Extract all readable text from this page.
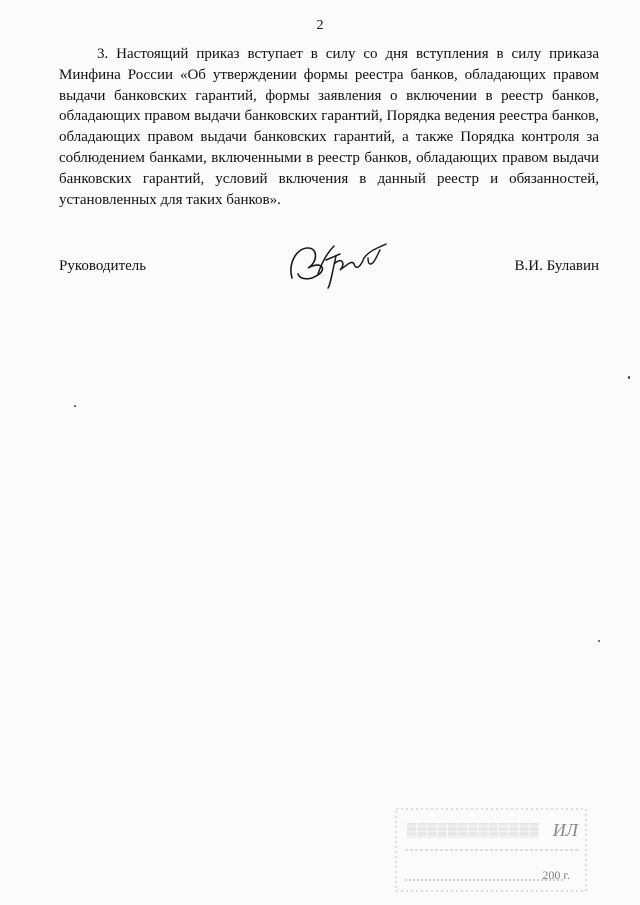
2

3. Настоящий приказ вступает в силу со дня вступления в силу приказа Минфина России «Об утверждении формы реестра банков, обладающих правом выдачи банковских гарантий, формы заявления о включении в реестр банков, обладающих правом выдачи банковских гарантий, Порядка ведения реестра банков, обладающих правом выдачи банковских гарантий, а также Порядка контроля за соблюдением банками, включенными в реестр банков, обладающих правом выдачи банковских гарантий, условий включения в данный реестр и обязанностей, установленных для таких банков».

Руководитель	В.И. Булавин
▒▒▒▒▒▒▒▒▒▒▒▒▒ ИЛ
200 г.
